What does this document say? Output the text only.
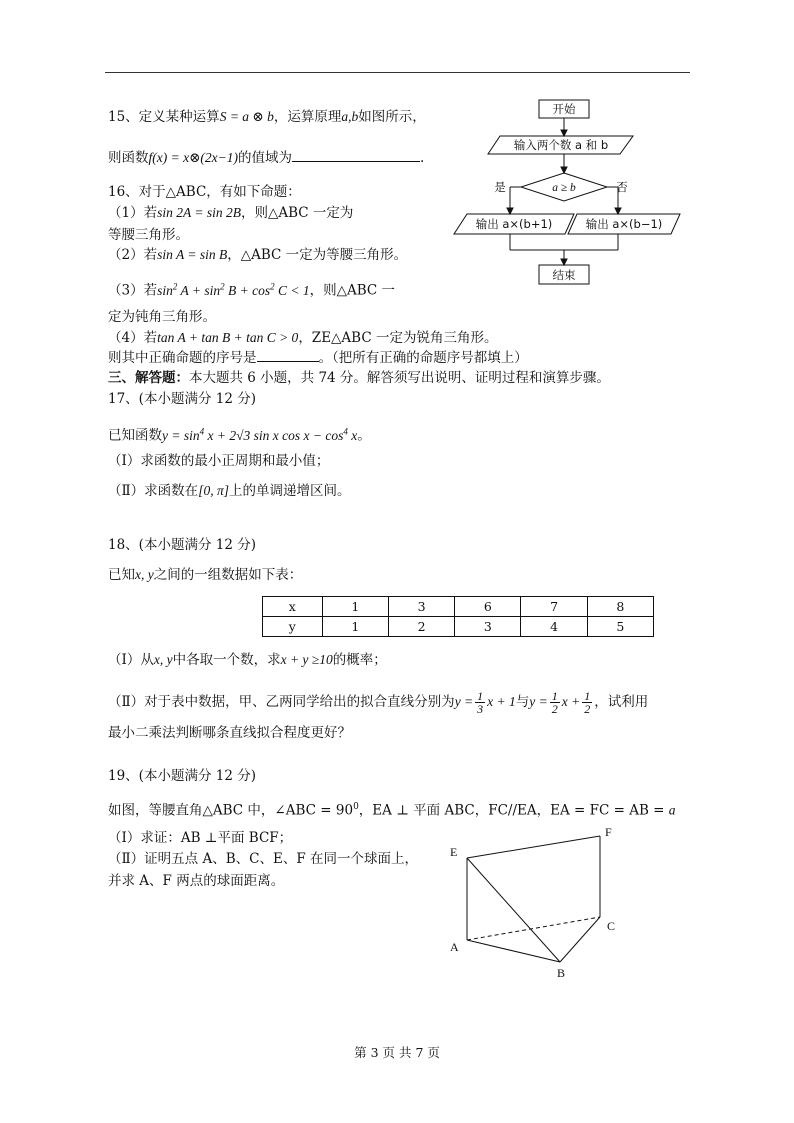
15、定义某种运算S = a ⊗ b，运算原理a,b如图所示，
则函数f(x) = x⊗(2x−1)的值域为	.
开始
输入两个数 a 和 b
a ≥ b
是	否
输出 a×(b+1)	输出 a×(b−1)
结束
16、对于△ABC，有如下命题：
（1）若sin 2A = sin 2B，则△ABC 一定为
等腰三角形。
（2）若sin A = sin B，△ABC 一定为等腰三角形。
（3）若$\sin^2 A + \sin^2 B + \cos^2 C < 1$，则△ABC 一
定为钝角三角形。
（4）若tan A + tan B + tan C > 0，ZE△ABC 一定为锐角三角形。
则其中正确命题的序号是	。（把所有正确的命题序号都填上）
三、解答题：本大题共 6 小题，共 74 分。解答须写出说明、证明过程和演算步骤。
17、(本小题满分 12 分)
已知函数$y = \sin^4 x + 2√3$ sin x $\cos x - \cos^4 x$。
（Ⅰ）求函数的最小正周期和最小值；
（Ⅱ）求函数在[0, π]上的单调递增区间。
18、(本小题满分 12 分)
已知x, y之间的一组数据如下表：
x	1	3	6	7	8
y	1	2	3	4	5
（Ⅰ）从x, y中各取一个数，求x + y ≥10的概率；
（Ⅱ）对于表中数据，甲、乙两同学给出的拟合直线分别为$y = \frac{1}{3}$ x + 1与$y = \frac{1}{2}$ $x + \frac{1}{2}$ ，试利用
最小二乘法判断哪条直线拟合程度更好？
19、(本小题满分 12 分)
如图，等腰直角△ABC 中，∠ABC = $90^0$，EA ⊥ 平面 ABC，FC//EA，EA = FC = AB = a
（Ⅰ）求证：AB ⊥平面 BCF；
（Ⅱ）证明五点 A、B、C、E、F 在同一个球面上，
并求 A、F 两点的球面距离。
E
F
A
B
C
第 3 页 共 7 页
